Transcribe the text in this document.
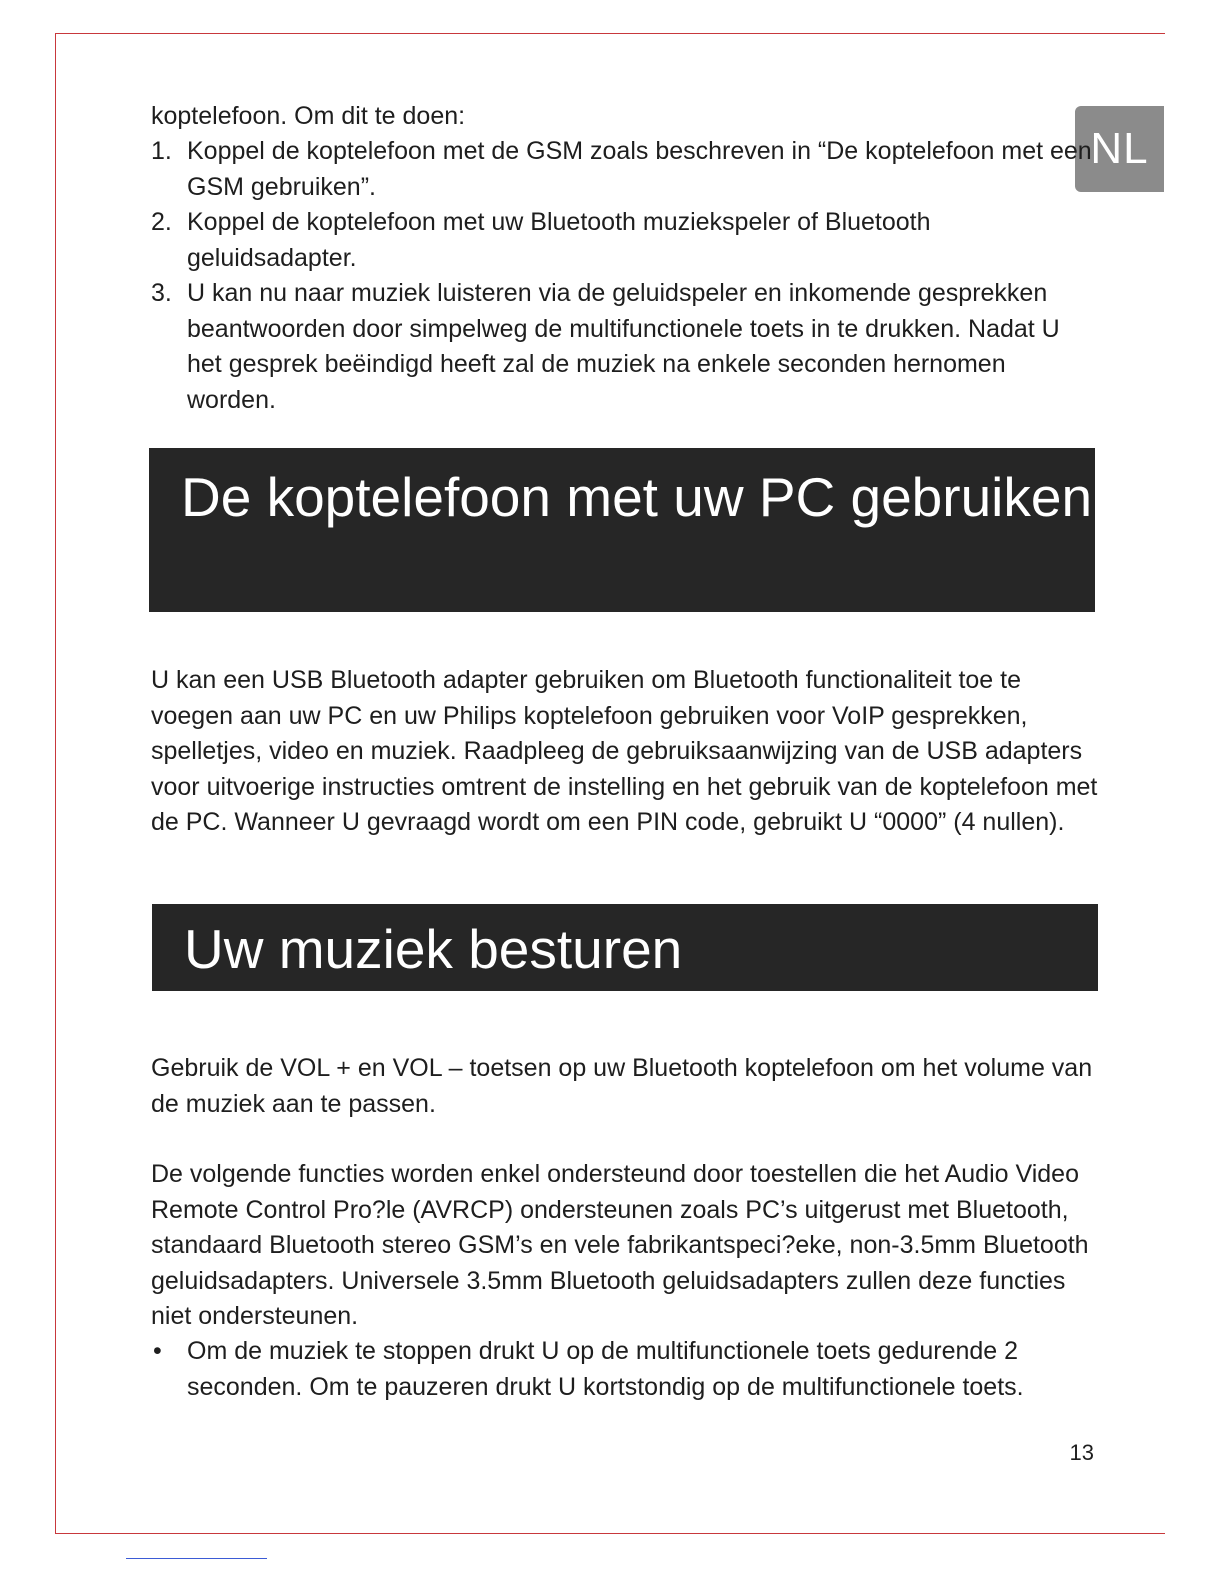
NL

koptelefoon. Om dit te doen:

1. Koppel de koptelefoon met de GSM zoals beschreven in “De koptelefoon met een GSM gebruiken”.
2. Koppel de koptelefoon met uw Bluetooth muziekspeler of Bluetooth geluidsadapter.
3. U kan nu naar muziek luisteren via de geluidspeler en inkomende gesprekken beantwoorden door simpelweg de multifunctionele toets in te drukken. Nadat U het gesprek beëindigd heeft zal de muziek na enkele seconden hernomen worden.
De koptelefoon met uw PC gebruiken

U kan een USB Bluetooth adapter gebruiken om Bluetooth functionaliteit toe te voegen aan uw PC en uw Philips koptelefoon gebruiken voor VoIP gesprekken, spelletjes, video en muziek. Raadpleeg de gebruiksaanwijzing van de USB adapters voor uitvoerige instructies omtrent de instelling en het gebruik van de koptelefoon met de PC. Wanneer U gevraagd wordt om een PIN code, gebruikt U “0000” (4 nullen).

Uw muziek besturen

Gebruik de VOL + en VOL – toetsen op uw Bluetooth koptelefoon om het volume van de muziek aan te passen.

De volgende functies worden enkel ondersteund door toestellen die het Audio Video Remote Control Pro?le (AVRCP) ondersteunen zoals PC’s uitgerust met Bluetooth, standaard Bluetooth stereo GSM’s en vele fabrikantspeci?eke, non-3.5mm Bluetooth geluidsadapters. Universele 3.5mm Bluetooth geluidsadapters zullen deze functies niet ondersteunen.

• Om de muziek te stoppen drukt U op de multifunctionele toets gedurende 2 seconden. Om te pauzeren drukt U kortstondig op de multifunctionele toets.
13
